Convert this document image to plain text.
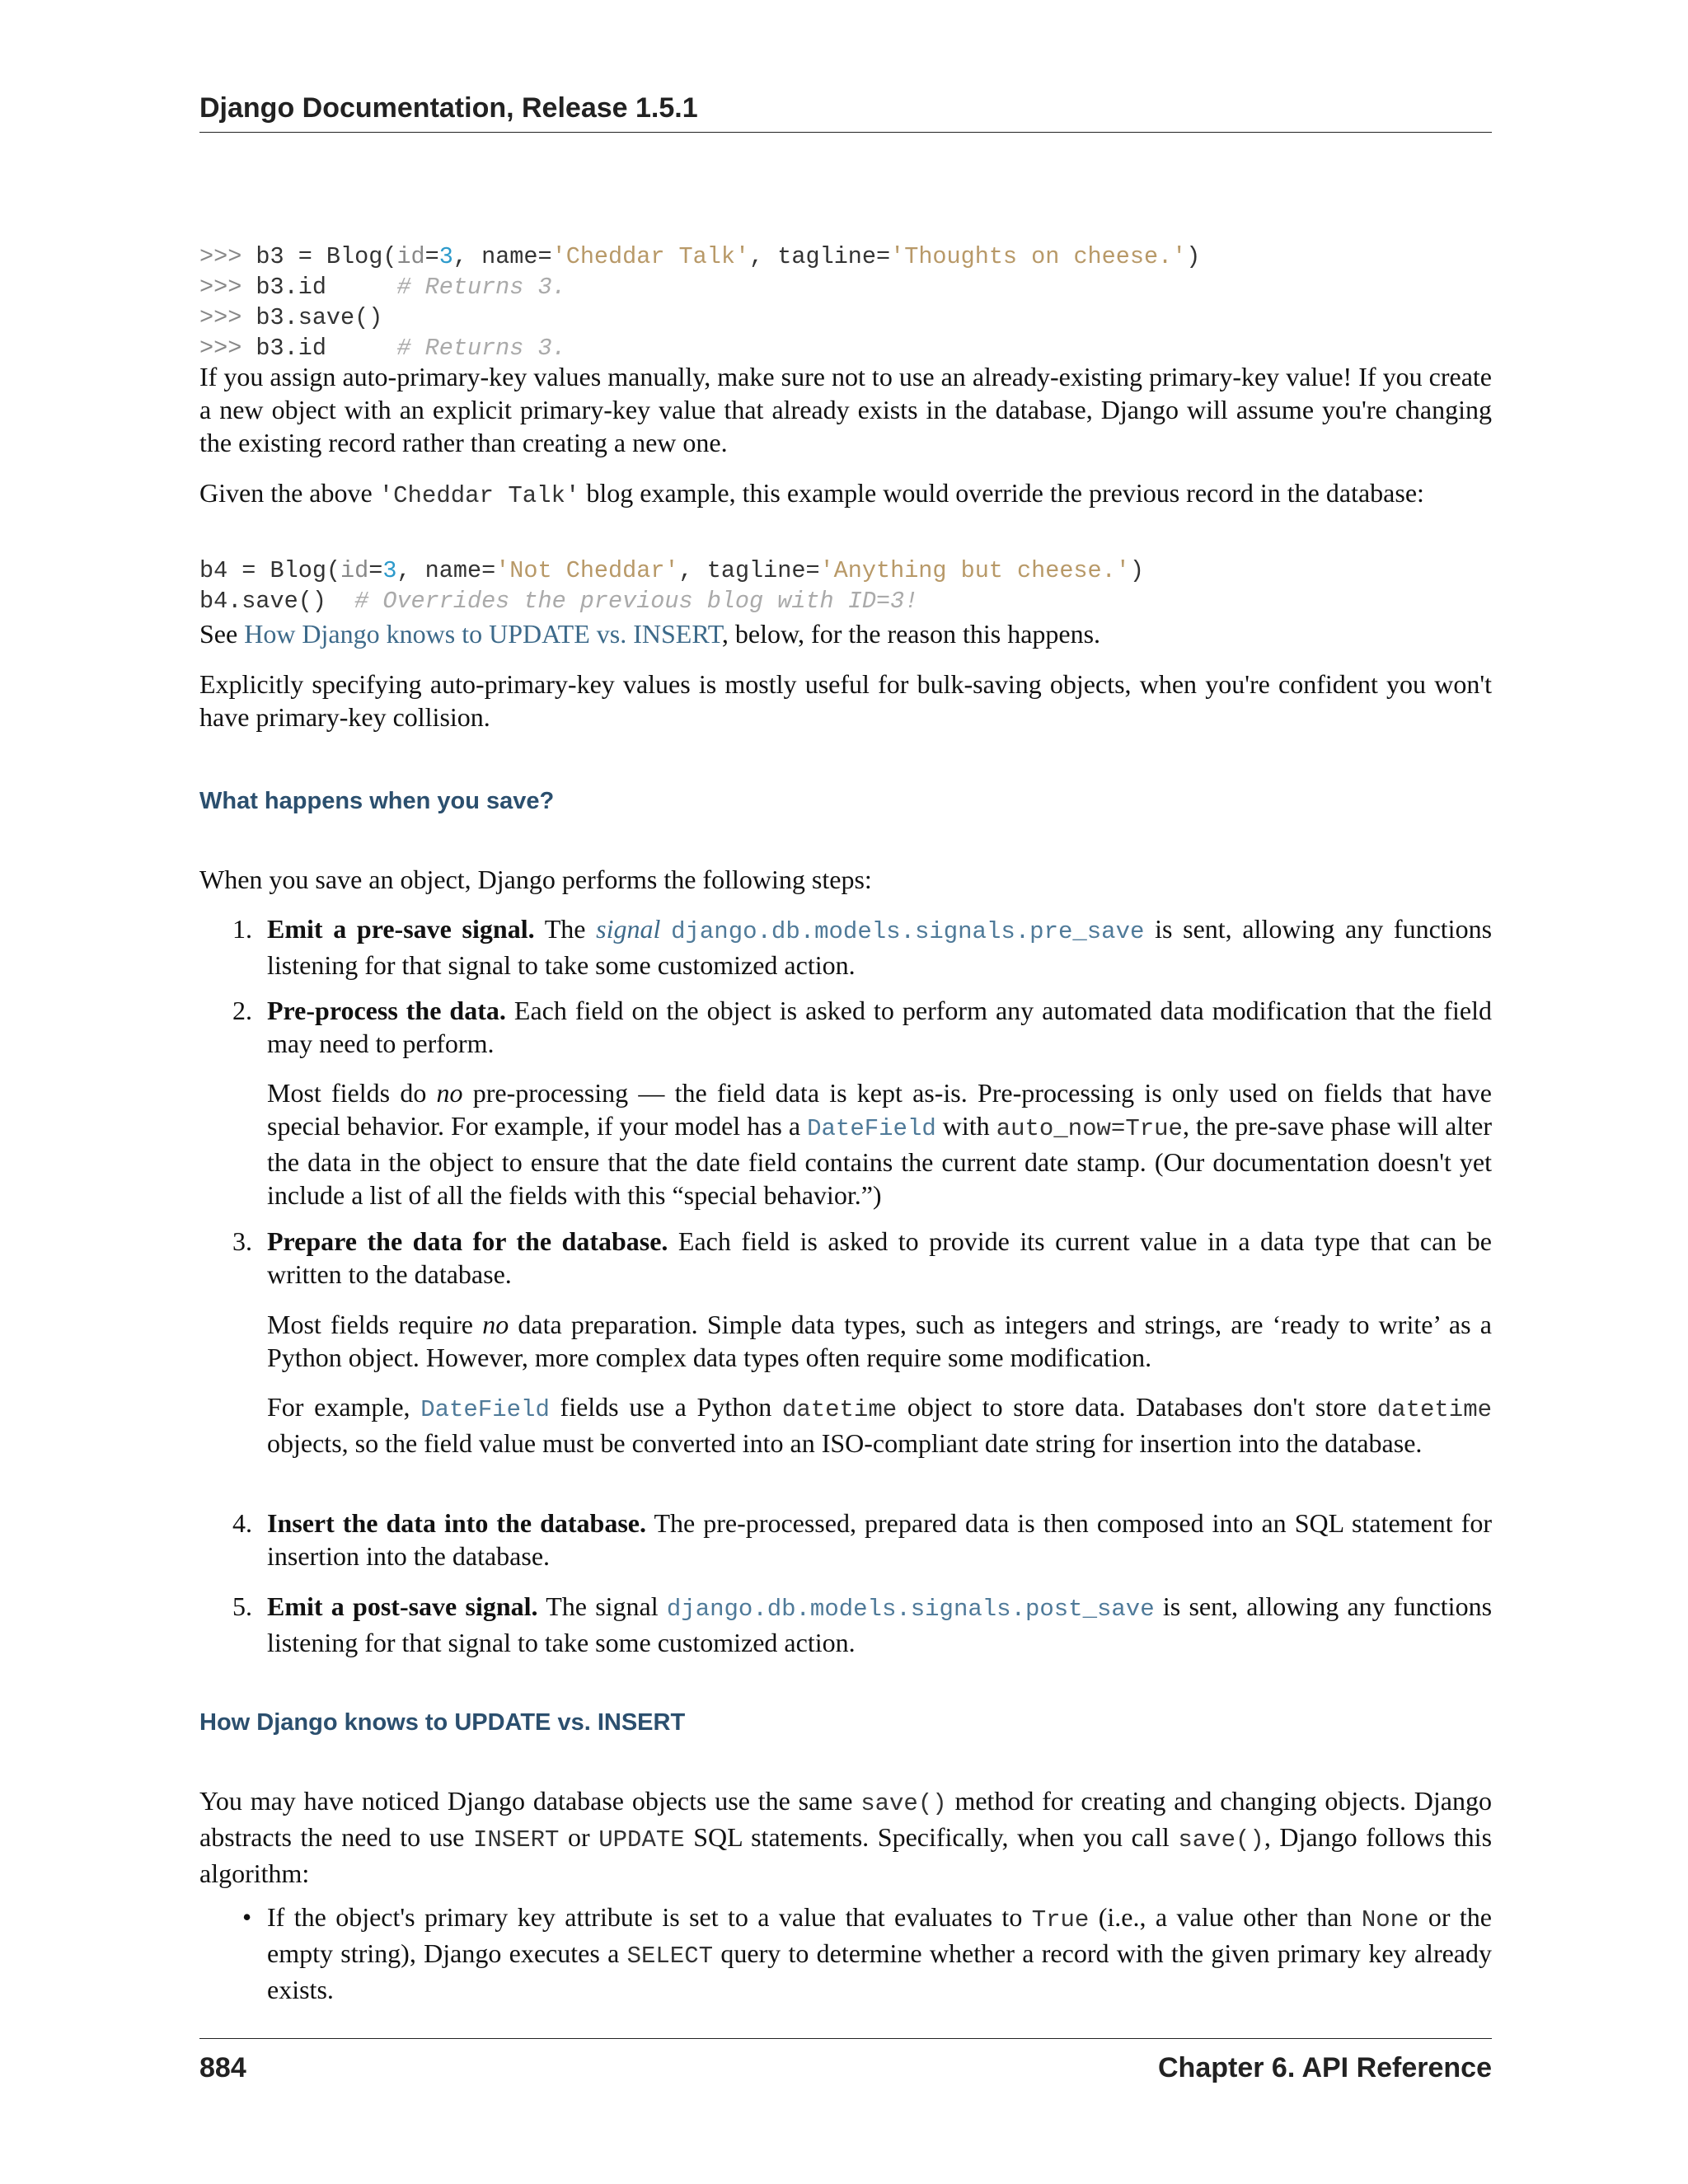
Django Documentation, Release 1.5.1

>>> b3 = Blog(id=3, name='Cheddar Talk', tagline='Thoughts on cheese.')
>>> b3.id     # Returns 3.
>>> b3.save()
>>> b3.id     # Returns 3.
If you assign auto-primary-key values manually, make sure not to use an already-existing primary-key value! If you create a new object with an explicit primary-key value that already exists in the database, Django will assume you're changing the existing record rather than creating a new one.
Given the above 'Cheddar Talk' blog example, this example would override the previous record in the database:

b4 = Blog(id=3, name='Not Cheddar', tagline='Anything but cheese.')
b4.save()  # Overrides the previous blog with ID=3!
See How Django knows to UPDATE vs. INSERT, below, for the reason this happens.
Explicitly specifying auto-primary-key values is mostly useful for bulk-saving objects, when you're confident you won't have primary-key collision.
What happens when you save?
When you save an object, Django performs the following steps:
1. Emit a pre-save signal. The signal django.db.models.signals.pre_save is sent, allowing any functions listening for that signal to take some customized action.
2. Pre-process the data. Each field on the object is asked to perform any automated data modification that the field may need to perform.
Most fields do no pre-processing — the field data is kept as-is. Pre-processing is only used on fields that have special behavior. For example, if your model has a DateField with auto_now=True, the pre-save phase will alter the data in the object to ensure that the date field contains the current date stamp. (Our documentation doesn't yet include a list of all the fields with this “special behavior.”)
3. Prepare the data for the database. Each field is asked to provide its current value in a data type that can be written to the database.
Most fields require no data preparation. Simple data types, such as integers and strings, are ‘ready to write’ as a Python object. However, more complex data types often require some modification.
For example, DateField fields use a Python datetime object to store data. Databases don't store datetime objects, so the field value must be converted into an ISO-compliant date string for insertion into the database.
4. Insert the data into the database. The pre-processed, prepared data is then composed into an SQL statement for insertion into the database.
5. Emit a post-save signal. The signal django.db.models.signals.post_save is sent, allowing any functions listening for that signal to take some customized action.
How Django knows to UPDATE vs. INSERT
You may have noticed Django database objects use the same save() method for creating and changing objects. Django abstracts the need to use INSERT or UPDATE SQL statements. Specifically, when you call save(), Django follows this algorithm:
• If the object's primary key attribute is set to a value that evaluates to True (i.e., a value other than None or the empty string), Django executes a SELECT query to determine whether a record with the given primary key already exists.
884	Chapter 6. API Reference
